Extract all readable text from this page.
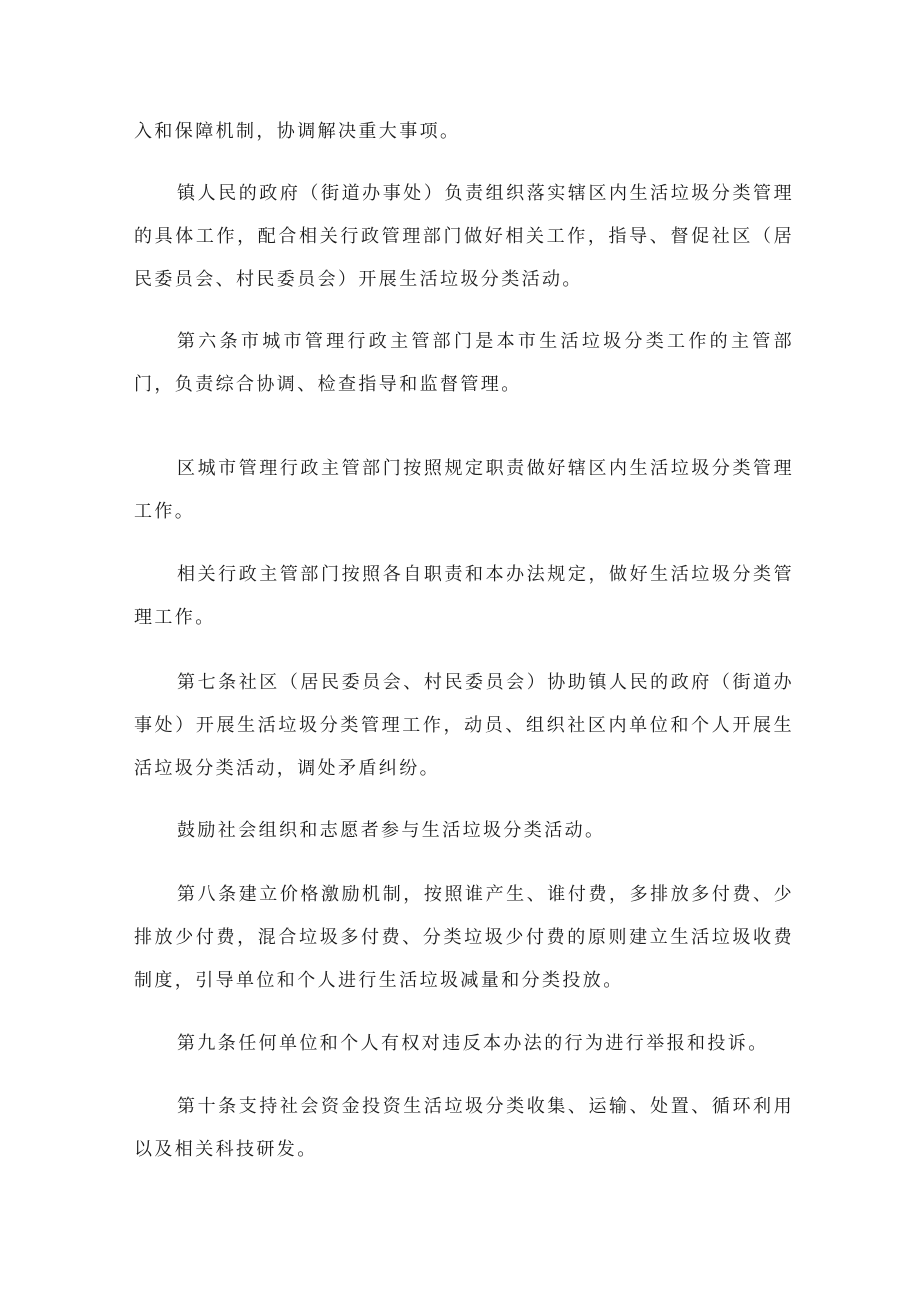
入和保障机制，协调解决重大事项。

镇人民的政府（街道办事处）负责组织落实辖区内生活垃圾分类管理的具体工作，配合相关行政管理部门做好相关工作，指导、督促社区（居民委员会、村民委员会）开展生活垃圾分类活动。

第六条市城市管理行政主管部门是本市生活垃圾分类工作的主管部门，负责综合协调、检查指导和监督管理。

区城市管理行政主管部门按照规定职责做好辖区内生活垃圾分类管理工作。

相关行政主管部门按照各自职责和本办法规定，做好生活垃圾分类管理工作。

第七条社区（居民委员会、村民委员会）协助镇人民的政府（街道办事处）开展生活垃圾分类管理工作，动员、组织社区内单位和个人开展生活垃圾分类活动，调处矛盾纠纷。

鼓励社会组织和志愿者参与生活垃圾分类活动。

第八条建立价格激励机制，按照谁产生、谁付费，多排放多付费、少排放少付费，混合垃圾多付费、分类垃圾少付费的原则建立生活垃圾收费制度，引导单位和个人进行生活垃圾减量和分类投放。

第九条任何单位和个人有权对违反本办法的行为进行举报和投诉。

第十条支持社会资金投资生活垃圾分类收集、运输、处置、循环利用以及相关科技研发。
